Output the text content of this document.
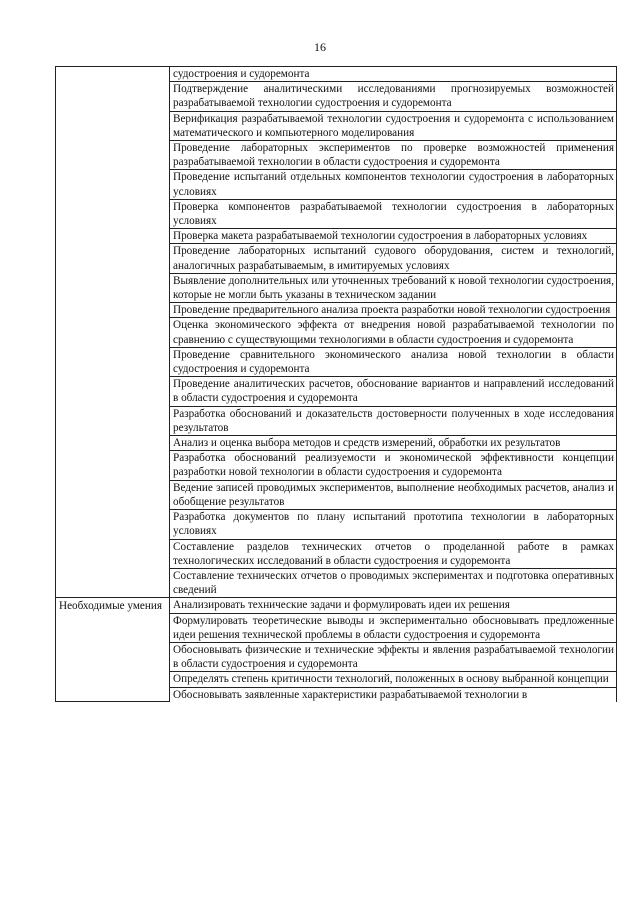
16
	судостроения и судоремонта
	Подтверждение аналитическими исследованиями прогнозируемых возможностей разрабатываемой технологии судостроения и судоремонта
	Верификация разрабатываемой технологии судостроения и судоремонта с использованием математического и компьютерного моделирования
	Проведение лабораторных экспериментов по проверке возможностей применения разрабатываемой технологии в области судостроения и судоремонта
	Проведение испытаний отдельных компонентов технологии судостроения в лабораторных условиях
	Проверка компонентов разрабатываемой технологии судостроения в лабораторных условиях
	Проверка макета разрабатываемой технологии судостроения в лабораторных условиях
	Проведение лабораторных испытаний судового оборудования, систем и технологий, аналогичных разрабатываемым, в имитируемых условиях
	Выявление дополнительных или уточненных требований к новой технологии судостроения, которые не могли быть указаны в техническом задании
	Проведение предварительного анализа проекта разработки новой технологии судостроения
	Оценка экономического эффекта от внедрения новой разрабатываемой технологии по сравнению с существующими технологиями в области судостроения и судоремонта
	Проведение сравнительного экономического анализа новой технологии в области судостроения и судоремонта
	Проведение аналитических расчетов, обоснование вариантов и направлений исследований в области судостроения и судоремонта
	Разработка обоснований и доказательств достоверности полученных в ходе исследования результатов
	Анализ и оценка выбора методов и средств измерений, обработки их результатов
	Разработка обоснований реализуемости и экономической эффективности концепции разработки новой технологии в области судостроения и судоремонта
	Ведение записей проводимых экспериментов, выполнение необходимых расчетов, анализ и обобщение результатов
	Разработка документов по плану испытаний прототипа технологии в лабораторных условиях
	Составление разделов технических отчетов о проделанной работе в рамках технологических исследований в области судостроения и судоремонта
	Составление технических отчетов о проводимых экспериментах и подготовка оперативных сведений
Необходимые умения	Анализировать технические задачи и формулировать идеи их решения
	Формулировать теоретические выводы и экспериментально обосновывать предложенные идеи решения технической проблемы в области судостроения и судоремонта
	Обосновывать физические и технические эффекты и явления разрабатываемой технологии в области судостроения и судоремонта
	Определять степень критичности технологий, положенных в основу выбранной концепции
	Обосновывать заявленные характеристики разрабатываемой технологии в
